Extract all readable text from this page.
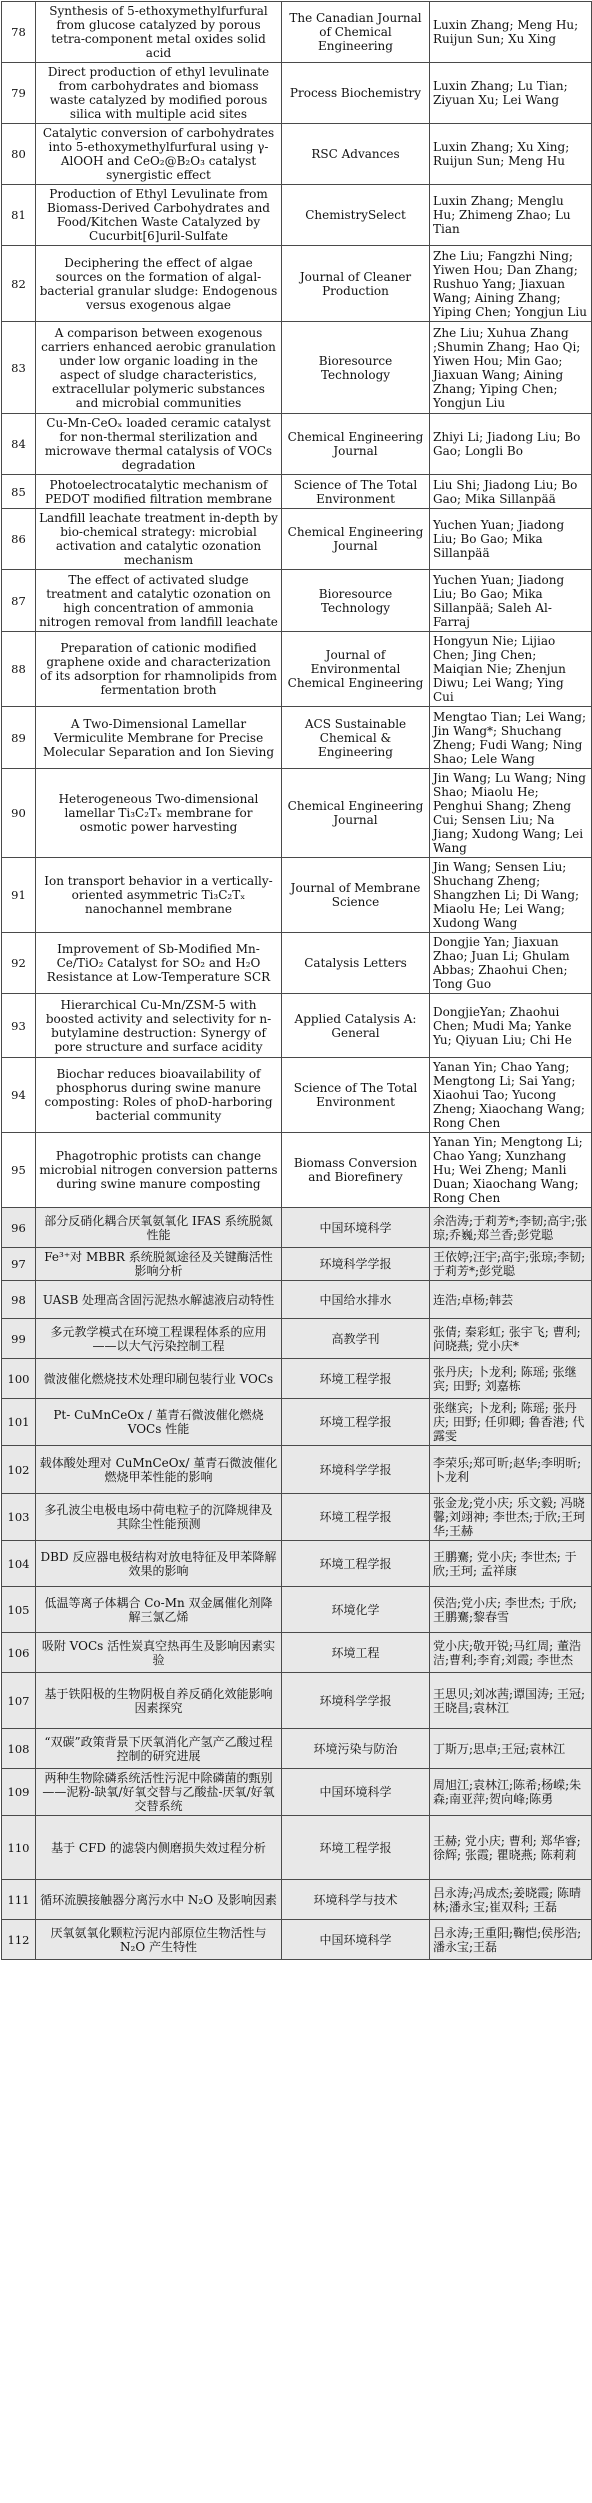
78	Synthesis of 5-ethoxymethylfurfural from glucose catalyzed by porous tetra-component metal oxides solid acid	The Canadian Journal of Chemical Engineering	Luxin Zhang; Meng Hu; Ruijun Sun; Xu Xing
79	Direct production of ethyl levulinate from carbohydrates and biomass waste catalyzed by modified porous silica with multiple acid sites	Process Biochemistry	Luxin Zhang; Lu Tian; Ziyuan Xu; Lei Wang
80	Catalytic conversion of carbohydrates into 5-ethoxymethylfurfural using γ-AlOOH and CeO₂@B₂O₃ catalyst synergistic effect	RSC Advances	Luxin Zhang; Xu Xing; Ruijun Sun; Meng Hu
81	Production of Ethyl Levulinate from Biomass-Derived Carbohydrates and Food/Kitchen Waste Catalyzed by Cucurbit[6]uril-Sulfate	ChemistrySelect	Luxin Zhang; Menglu Hu; Zhimeng Zhao; Lu Tian
82	Deciphering the effect of algae sources on the formation of algal-bacterial granular sludge: Endogenous versus exogenous algae	Journal of Cleaner Production	Zhe Liu; Fangzhi Ning; Yiwen Hou; Dan Zhang; Rushuo Yang; Jiaxuan Wang; Aining Zhang; Yiping Chen; Yongjun Liu
83	A comparison between exogenous carriers enhanced aerobic granulation under low organic loading in the aspect of sludge characteristics, extracellular polymeric substances and microbial communities	Bioresource Technology	Zhe Liu; Xuhua Zhang ;Shumin Zhang; Hao Qi; Yiwen Hou; Min Gao; Jiaxuan Wang; Aining Zhang; Yiping Chen; Yongjun Liu
84	Cu-Mn-CeOₓ loaded ceramic catalyst for non-thermal sterilization and microwave thermal catalysis of VOCs degradation	Chemical Engineering Journal	Zhiyi Li; Jiadong Liu; Bo Gao; Longli Bo
85	Photoelectrocatalytic mechanism of PEDOT modified filtration membrane	Science of The Total Environment	Liu Shi; Jiadong Liu; Bo Gao; Mika Sillanpää
86	Landfill leachate treatment in-depth by bio-chemical strategy: microbial activation and catalytic ozonation mechanism	Chemical Engineering Journal	Yuchen Yuan; Jiadong Liu; Bo Gao; Mika Sillanpää
87	The effect of activated sludge treatment and catalytic ozonation on high concentration of ammonia nitrogen removal from landfill leachate	Bioresource Technology	Yuchen Yuan; Jiadong Liu; Bo Gao; Mika Sillanpää; Saleh Al-Farraj
88	Preparation of cationic modified graphene oxide and characterization of its adsorption for rhamnolipids from fermentation broth	Journal of Environmental Chemical Engineering	Hongyun Nie; Lijiao Chen; Jing Chen; Maiqian Nie; Zhenjun Diwu; Lei Wang; Ying Cui
89	A Two-Dimensional Lamellar Vermiculite Membrane for Precise Molecular Separation and Ion Sieving	ACS Sustainable Chemical & Engineering	Mengtao Tian; Lei Wang; Jin Wang*; Shuchang Zheng; Fudi Wang; Ning Shao; Lele Wang
90	Heterogeneous Two-dimensional lamellar Ti₃C₂Tₓ membrane for osmotic power harvesting	Chemical Engineering Journal	Jin Wang; Lu Wang; Ning Shao; Miaolu He; Penghui Shang; Zheng Cui; Sensen Liu; Na Jiang; Xudong Wang; Lei Wang
91	Ion transport behavior in a vertically-oriented asymmetric Ti₃C₂Tₓ nanochannel membrane	Journal of Membrane Science	Jin Wang; Sensen Liu; Shuchang Zheng; Shangzhen Li; Di Wang; Miaolu He; Lei Wang; Xudong Wang
92	Improvement of Sb-Modified Mn-Ce/TiO₂ Catalyst for SO₂ and H₂O Resistance at Low-Temperature SCR	Catalysis Letters	Dongjie Yan; Jiaxuan Zhao; Juan Li; Ghulam Abbas; Zhaohui Chen; Tong Guo
93	Hierarchical Cu-Mn/ZSM-5 with boosted activity and selectivity for n-butylamine destruction: Synergy of pore structure and surface acidity	Applied Catalysis A: General	DongjieYan; Zhaohui Chen; Mudi Ma; Yanke Yu; Qiyuan Liu; Chi He
94	Biochar reduces bioavailability of phosphorus during swine manure composting: Roles of phoD-harboring bacterial community	Science of The Total Environment	Yanan Yin; Chao Yang; Mengtong Li; Sai Yang; Xiaohui Tao; Yucong Zheng; Xiaochang Wang; Rong Chen
95	Phagotrophic protists can change microbial nitrogen conversion patterns during swine manure composting	Biomass Conversion and Biorefinery	Yanan Yin; Mengtong Li; Chao Yang; Xunzhang Hu; Wei Zheng; Manli Duan; Xiaochang Wang; Rong Chen
96	部分反硝化耦合厌氧氨氧化 IFAS 系统脱氮性能	中国环境科学	余浩涛;于莉芳*;李韧;高宇;张琼;乔巍;郑兰香;彭党聪
97	Fe³⁺对 MBBR 系统脱氮途径及关键酶活性影响分析	环境科学学报	王依婷;汪宇;高宇;张琼;李韧;于莉芳*;彭党聪
98	UASB 处理高含固污泥热水解滤液启动特性	中国给水排水	连浩;卓杨;韩芸
99	多元教学模式在环境工程课程体系的应用——以大气污染控制工程	高教学刊	张倩; 秦彩虹; 张宇飞; 曹利; 问晓燕; 党小庆*
100	微波催化燃烧技术处理印刷包装行业 VOCs	环境工程学报	张丹庆; 卜龙利; 陈瑶; 张继宾; 田野; 刘嘉栋
101	Pt- CuMnCeOx / 堇青石微波催化燃烧 VOCs 性能	环境工程学报	张继宾; 卜龙利; 陈瑶; 张丹庆; 田野; 任卯卿; 鲁香港; 代露雯
102	载体酸处理对 CuMnCeOx/ 堇青石微波催化燃烧甲苯性能的影响	环境科学学报	李荣乐;郑可昕;赵华;李明昕; 卜龙利
103	多孔波尘电极电场中荷电粒子的沉降规律及其除尘性能预测	环境工程学报	张金龙;党小庆; 乐文毅; 冯晓馨;刘翊神; 李世杰;于欣;王珂华;王赫
104	DBD 反应器电极结构对放电特征及甲苯降解效果的影响	环境工程学报	王鹏騫; 党小庆; 李世杰; 于欣;王珂; 孟祥康
105	低温等离子体耦合 Co-Mn 双金属催化剂降解三氯乙烯	环境化学	侯浩;党小庆; 李世杰; 于欣;王鹏騫;黎春雪
106	吸附 VOCs 活性炭真空热再生及影响因素实验	环境工程	党小庆;敬开锐;马红周; 董浩洁;曹利;李育;刘霞; 李世杰
107	基于铁阳极的生物阴极自养反硝化效能影响因素探究	环境科学学报	王思贝;刘冰茜;谭国涛; 王冠;王晓昌;袁林江
108	“双碳”政策背景下厌氧消化产氢产乙酸过程控制的研究进展	环境污染与防治	丁斯万;思卓;王冠;袁林江
109	两种生物除磷系统活性污泥中除磷菌的甄别——泥粉-缺氧/好氧交替与乙酸盐-厌氧/好氧交替系统	中国环境科学	周旭江;袁林江;陈希;杨嵘;朱森;南亚萍;贺向峰;陈勇
110	基于 CFD 的滤袋内侧磨损失效过程分析	环境工程学报	王赫; 党小庆; 曹利; 郑华睿; 徐辉; 张霞; 瞿晓燕; 陈莉莉
111	循环流膜接触器分离污水中 N₂O 及影响因素	环境科学与技术	吕永涛;冯成杰;姜晓霞; 陈晴林;潘永宝;崔双科; 王磊
112	厌氧氨氧化颗粒污泥内部原位生物活性与 N₂O 产生特性	中国环境科学	吕永涛;王重阳;鞠恺;侯彤浩;潘永宝;王磊
